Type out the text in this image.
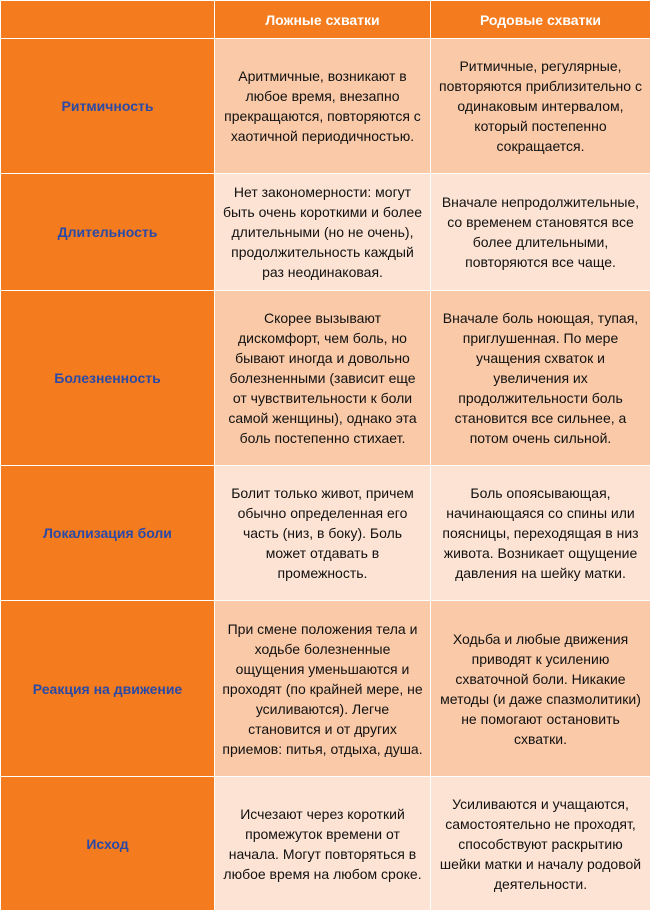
	Ложные схватки	Родовые схватки
Ритмичность	Аритмичные, возникают в любое время, внезапно прекращаются, повторяются с хаотичной периодичностью.	Ритмичные, регулярные, повторяются приблизительно с одинаковым интервалом, который постепенно сокращается.
Длительность	Нет закономерности: могут быть очень короткими и более длительными (но не очень), продолжительность каждый раз неодинаковая.	Вначале непродолжительные, со временем становятся все более длительными, повторяются все чаще.
Болезненность	Скорее вызывают дискомфорт, чем боль, но бывают иногда и довольно болезненными (зависит еще от чувствительности к боли самой женщины), однако эта боль постепенно стихает.	Вначале боль ноющая, тупая, приглушенная. По мере учащения схваток и увеличения их продолжительности боль становится все сильнее, а потом очень сильной.
Локализация боли	Болит только живот, причем обычно определенная его часть (низ, в боку). Боль может отдавать в промежность.	Боль опоясывающая, начинающаяся со спины или поясницы, переходящая в низ живота. Возникает ощущение давления на шейку матки.
Реакция на движение	При смене положения тела и ходьбе болезненные ощущения уменьшаются и проходят (по крайней мере, не усиливаются). Легче становится и от других приемов: питья, отдыха, душа.	Ходьба и любые движения приводят к усилению схваточной боли. Никакие методы (и даже спазмолитики) не помогают остановить схватки.
Исход	Исчезают через короткий промежуток времени от начала. Могут повторяться в любое время на любом сроке.	Усиливаются и учащаются, самостоятельно не проходят, способствуют раскрытию шейки матки и началу родовой деятельности.
